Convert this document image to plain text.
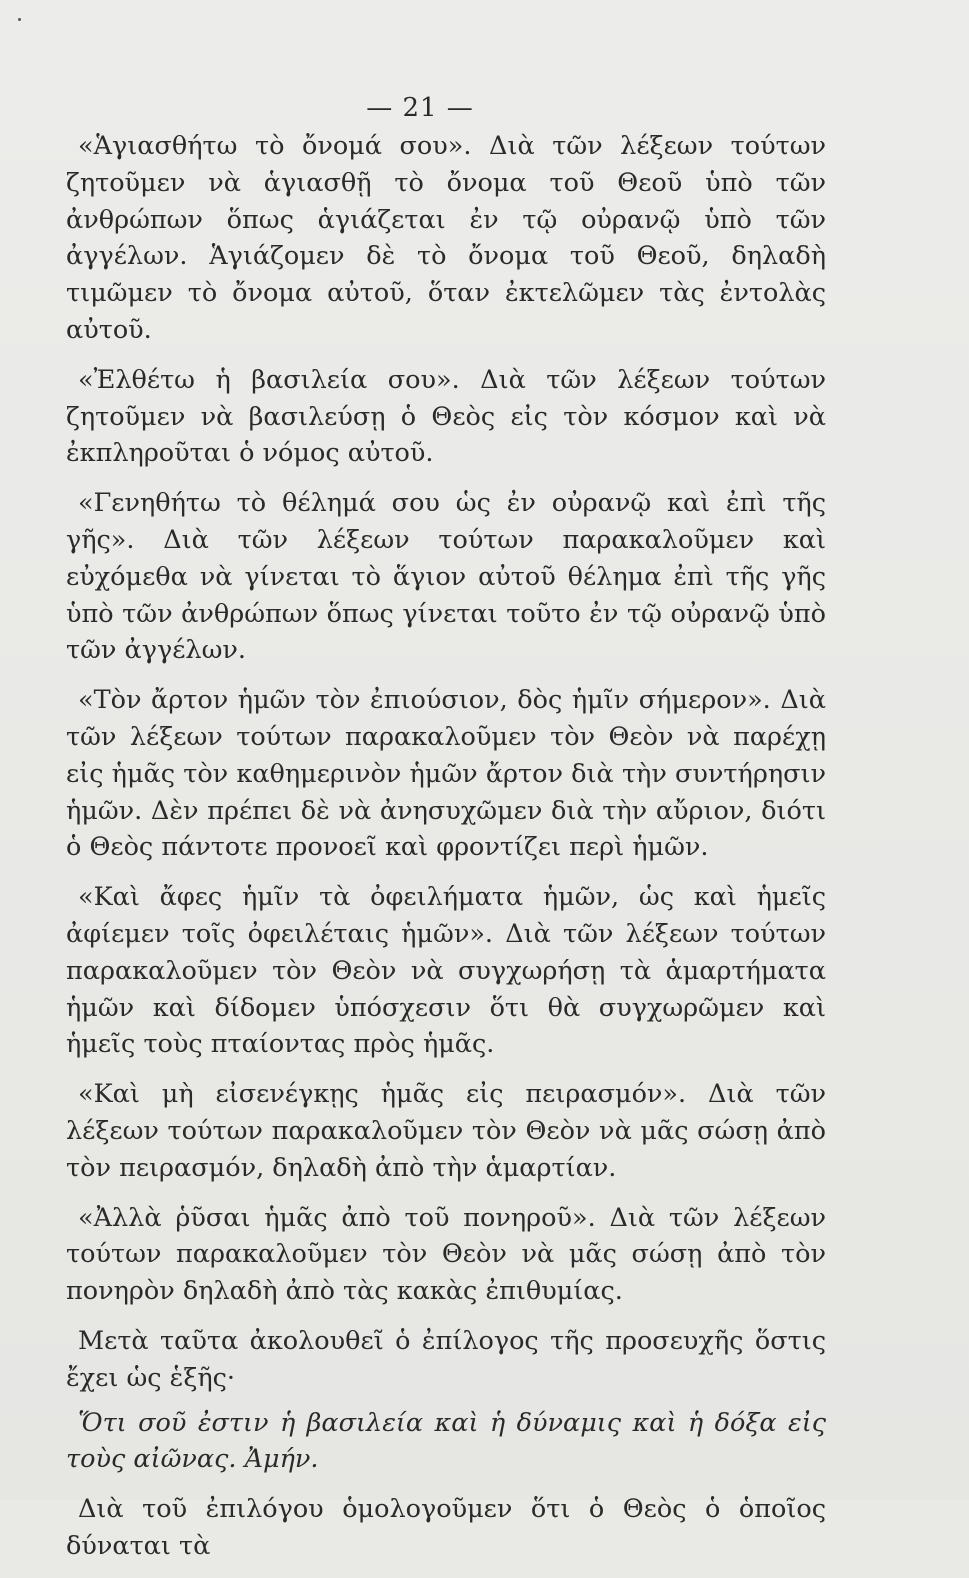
— 21 —

«Ἁγιασθήτω τὸ ὄνομά σου». Διὰ τῶν λέξεων τούτων ζητοῦμεν νὰ ἁγιασθῇ τὸ ὄνομα τοῦ Θεοῦ ὑπὸ τῶν ἀνθρώπων ὅπως ἁγιάζεται ἐν τῷ οὐρανῷ ὑπὸ τῶν ἀγγέλων. Ἁγιάζομεν δὲ τὸ ὄνομα τοῦ Θεοῦ, δηλαδὴ τιμῶμεν τὸ ὄνομα αὐτοῦ, ὅταν ἐκτελῶμεν τὰς ἐντολὰς αὐτοῦ.

«Ἐλθέτω ἡ βασιλεία σου». Διὰ τῶν λέξεων τούτων ζητοῦμεν νὰ βασιλεύσῃ ὁ Θεὸς εἰς τὸν κόσμον καὶ νὰ ἐκπληροῦται ὁ νόμος αὐτοῦ.

«Γενηθήτω τὸ θέλημά σου ὡς ἐν οὐρανῷ καὶ ἐπὶ τῆς γῆς». Διὰ τῶν λέξεων τούτων παρακαλοῦμεν καὶ εὐχόμεθα νὰ γίνεται τὸ ἅγιον αὐτοῦ θέλημα ἐπὶ τῆς γῆς ὑπὸ τῶν ἀνθρώπων ὅπως γίνεται τοῦτο ἐν τῷ οὐρανῷ ὑπὸ τῶν ἀγγέλων.

«Τὸν ἄρτον ἡμῶν τὸν ἐπιούσιον, δὸς ἡμῖν σήμερον». Διὰ τῶν λέξεων τούτων παρακαλοῦμεν τὸν Θεὸν νὰ παρέχῃ εἰς ἡμᾶς τὸν καθημερινὸν ἡμῶν ἄρτον διὰ τὴν συντήρησιν ἡμῶν. Δὲν πρέπει δὲ νὰ ἀνησυχῶμεν διὰ τὴν αὔριον, διότι ὁ Θεὸς πάντοτε προνοεῖ καὶ φροντίζει περὶ ἡμῶν.

«Καὶ ἄφες ἡμῖν τὰ ὀφειλήματα ἡμῶν, ὡς καὶ ἡμεῖς ἀφίεμεν τοῖς ὀφειλέταις ἡμῶν». Διὰ τῶν λέξεων τούτων παρακαλοῦμεν τὸν Θεὸν νὰ συγχωρήσῃ τὰ ἁμαρτήματα ἡμῶν καὶ δίδομεν ὑπόσχεσιν ὅτι θὰ συγχωρῶμεν καὶ ἡμεῖς τοὺς πταίοντας πρὸς ἡμᾶς.

«Καὶ μὴ εἰσενέγκῃς ἡμᾶς εἰς πειρασμόν». Διὰ τῶν λέξεων τούτων παρακαλοῦμεν τὸν Θεὸν νὰ μᾶς σώσῃ ἀπὸ τὸν πειρασμόν, δηλαδὴ ἀπὸ τὴν ἁμαρτίαν.

«Ἀλλὰ ῥῦσαι ἡμᾶς ἀπὸ τοῦ πονηροῦ». Διὰ τῶν λέξεων τούτων παρακαλοῦμεν τὸν Θεὸν νὰ μᾶς σώσῃ ἀπὸ τὸν πονηρὸν δηλαδὴ ἀπὸ τὰς κακὰς ἐπιθυμίας.

Μετὰ ταῦτα ἀκολουθεῖ ὁ ἐπίλογος τῆς προσευχῆς ὅστις ἔχει ὡς ἑξῆς·

Ὅτι σοῦ ἐστιν ἡ βασιλεία καὶ ἡ δύναμις καὶ ἡ δόξα εἰς τοὺς αἰῶνας. Ἀμήν.

Διὰ τοῦ ἐπιλόγου ὁμολογοῦμεν ὅτι ὁ Θεὸς ὁ ὁποῖος δύναται τὰ
